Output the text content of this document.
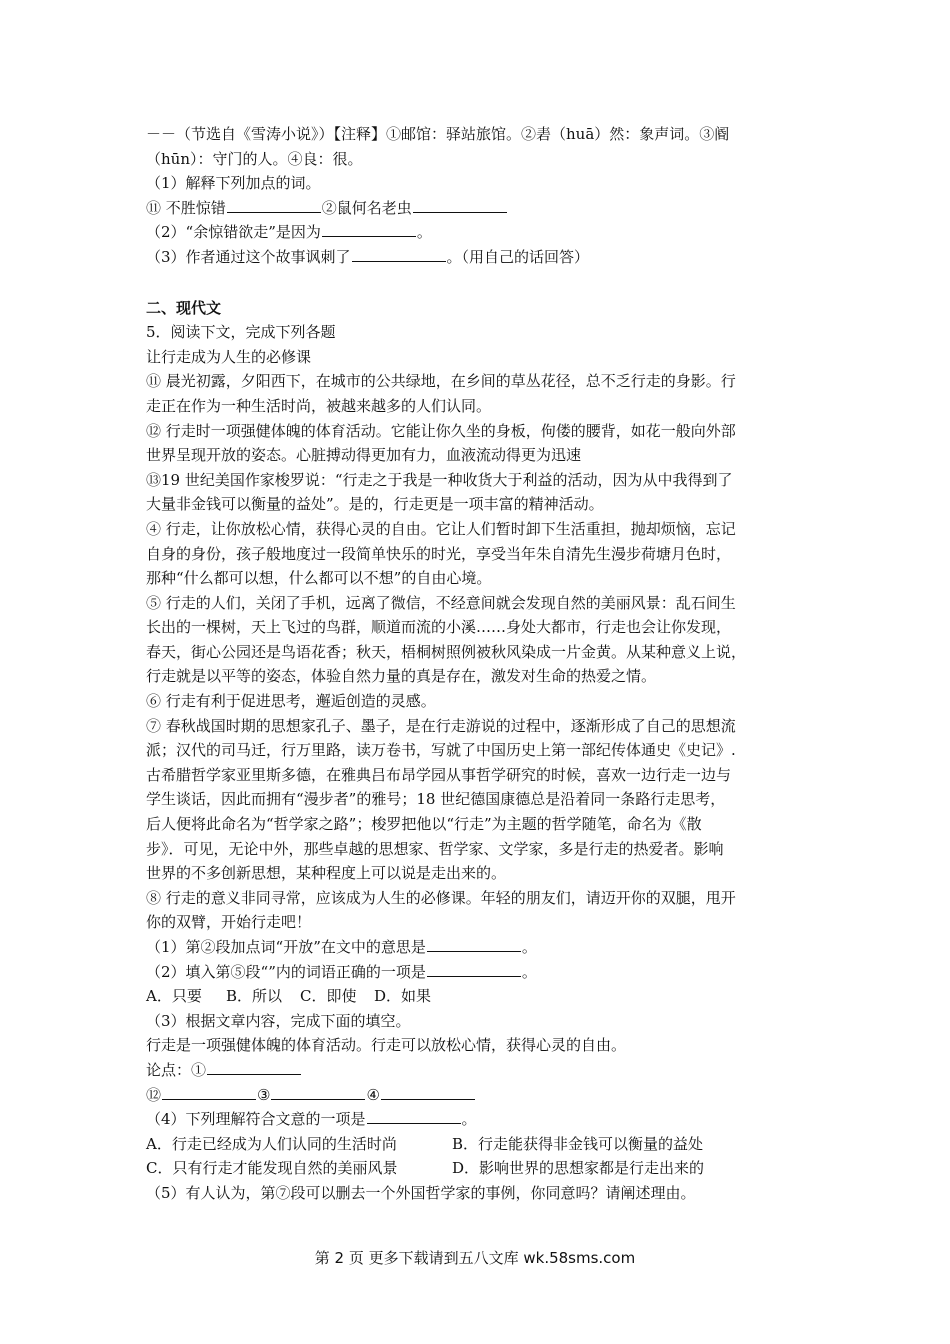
－－（节选自《雪涛小说》）【注释】①邮馆：驿站旅馆。②砉（huā）然：象声词。③阍
（hūn）：守门的人。④良：很。
（1）解释下列加点的词。
⑪ 不胜惊错	②鼠何名老虫
（2）“余惊错欲走”是因为	。
（3）作者通过这个故事讽刺了	。（用自己的话回答）
二、现代文
5．阅读下文，完成下列各题
让行走成为人生的必修课
⑪ 晨光初露，夕阳西下，在城市的公共绿地，在乡间的草丛花径，总不乏行走的身影。行
走正在作为一种生活时尚，被越来越多的人们认同。
⑫ 行走时一项强健体魄的体育活动。它能让你久坐的身板，佝偻的腰背，如花一般向外部
世界呈现开放的姿态。心脏搏动得更加有力，血液流动得更为迅速
⑬19 世纪美国作家梭罗说：“行走之于我是一种收货大于利益的活动，因为从中我得到了
大量非金钱可以衡量的益处”。是的，行走更是一项丰富的精神活动。
④ 行走，让你放松心情，获得心灵的自由。它让人们暂时卸下生活重担，抛却烦恼，忘记
自身的身份，孩子般地度过一段简单快乐的时光，享受当年朱自清先生漫步荷塘月色时，
那种“什么都可以想，什么都可以不想”的自由心境。
⑤ 行走的人们，关闭了手机，远离了微信，不经意间就会发现自然的美丽风景：乱石间生
长出的一棵树，天上飞过的鸟群，顺道而流的小溪……身处大都市，行走也会让你发现，
春天，街心公园还是鸟语花香；秋天，梧桐树照例被秋风染成一片金黄。从某种意义上说，
行走就是以平等的姿态，体验自然力量的真是存在，激发对生命的热爱之情。
⑥ 行走有利于促进思考，邂逅创造的灵感。
⑦ 春秋战国时期的思想家孔子、墨子，是在行走游说的过程中，逐渐形成了自己的思想流
派；汉代的司马迁，行万里路，读万卷书，写就了中国历史上第一部纪传体通史《史记》.
古希腊哲学家亚里斯多德，在雅典吕布昂学园从事哲学研究的时候，喜欢一边行走一边与
学生谈话，因此而拥有“漫步者”的雅号；18 世纪德国康德总是沿着同一条路行走思考，
后人便将此命名为“哲学家之路”；梭罗把他以“行走”为主题的哲学随笔，命名为《散
步》．可见，无论中外，那些卓越的思想家、哲学家、文学家，多是行走的热爱者。影响
世界的不多创新思想，某种程度上可以说是走出来的。
⑧ 行走的意义非同寻常，应该成为人生的必修课。年轻的朋友们，请迈开你的双腿，甩开
你的双臂，开始行走吧！
（1）第②段加点词“开放”在文中的意思是	。
（2）填入第⑤段“”内的词语正确的一项是	。
A．只要 B．所以 C．即使 D．如果
（3）根据文章内容，完成下面的填空。
行走是一项强健体魄的体育活动。行走可以放松心情，获得心灵的自由。
论点：①
⑫	③	④
（4）下列理解符合文意的一项是	。
A．行走已经成为人们认同的生活时尚	B．行走能获得非金钱可以衡量的益处
C．只有行走才能发现自然的美丽风景	D．影响世界的思想家都是行走出来的
（5）有人认为，第⑦段可以删去一个外国哲学家的事例，你同意吗？请阐述理由。
第 2 页 更多下载请到五八文库 wk.58sms.com
